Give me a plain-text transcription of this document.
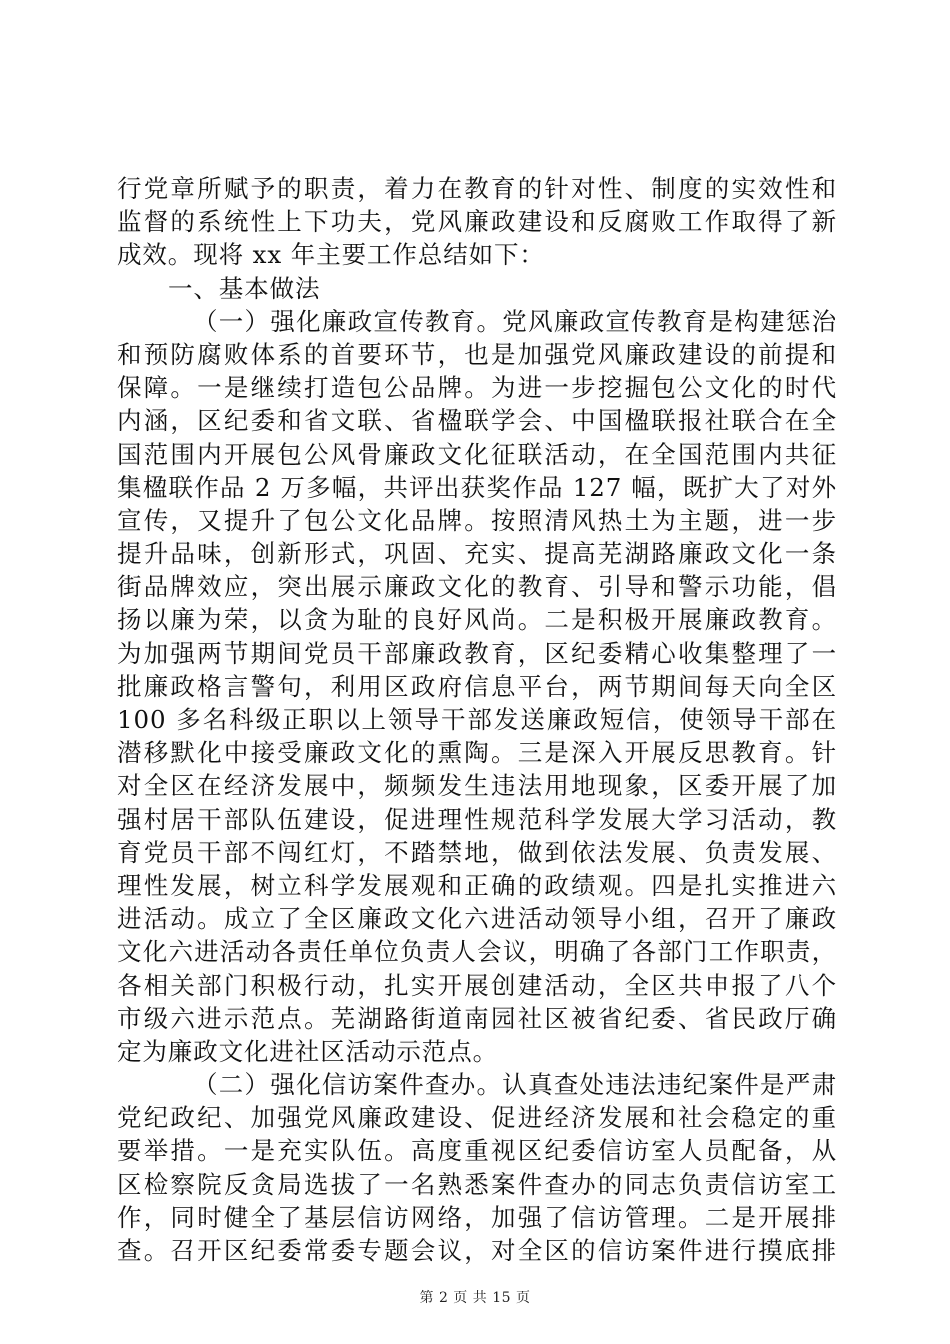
行党章所赋予的职责，着力在教育的针对性、制度的实效性和
监督的系统性上下功夫，党风廉政建设和反腐败工作取得了新
成效。现将 xx 年主要工作总结如下：
一、基本做法
（一）强化廉政宣传教育。党风廉政宣传教育是构建惩治
和预防腐败体系的首要环节，也是加强党风廉政建设的前提和
保障。一是继续打造包公品牌。为进一步挖掘包公文化的时代
内涵，区纪委和省文联、省楹联学会、中国楹联报社联合在全
国范围内开展包公风骨廉政文化征联活动，在全国范围内共征
集楹联作品 2 万多幅，共评出获奖作品 127 幅，既扩大了对外
宣传，又提升了包公文化品牌。按照清风热土为主题，进一步
提升品味，创新形式，巩固、充实、提高芜湖路廉政文化一条
街品牌效应，突出展示廉政文化的教育、引导和警示功能，倡
扬以廉为荣，以贪为耻的良好风尚。二是积极开展廉政教育。
为加强两节期间党员干部廉政教育，区纪委精心收集整理了一
批廉政格言警句，利用区政府信息平台，两节期间每天向全区
100 多名科级正职以上领导干部发送廉政短信，使领导干部在
潜移默化中接受廉政文化的熏陶。三是深入开展反思教育。针
对全区在经济发展中，频频发生违法用地现象，区委开展了加
强村居干部队伍建设，促进理性规范科学发展大学习活动，教
育党员干部不闯红灯，不踏禁地，做到依法发展、负责发展、
理性发展，树立科学发展观和正确的政绩观。四是扎实推进六
进活动。成立了全区廉政文化六进活动领导小组，召开了廉政
文化六进活动各责任单位负责人会议，明确了各部门工作职责，
各相关部门积极行动，扎实开展创建活动，全区共申报了八个
市级六进示范点。芜湖路街道南园社区被省纪委、省民政厅确
定为廉政文化进社区活动示范点。
（二）强化信访案件查办。认真查处违法违纪案件是严肃
党纪政纪、加强党风廉政建设、促进经济发展和社会稳定的重
要举措。一是充实队伍。高度重视区纪委信访室人员配备，从
区检察院反贪局选拔了一名熟悉案件查办的同志负责信访室工
作，同时健全了基层信访网络，加强了信访管理。二是开展排
查。召开区纪委常委专题会议，对全区的信访案件进行摸底排
第 2 页 共 15 页
